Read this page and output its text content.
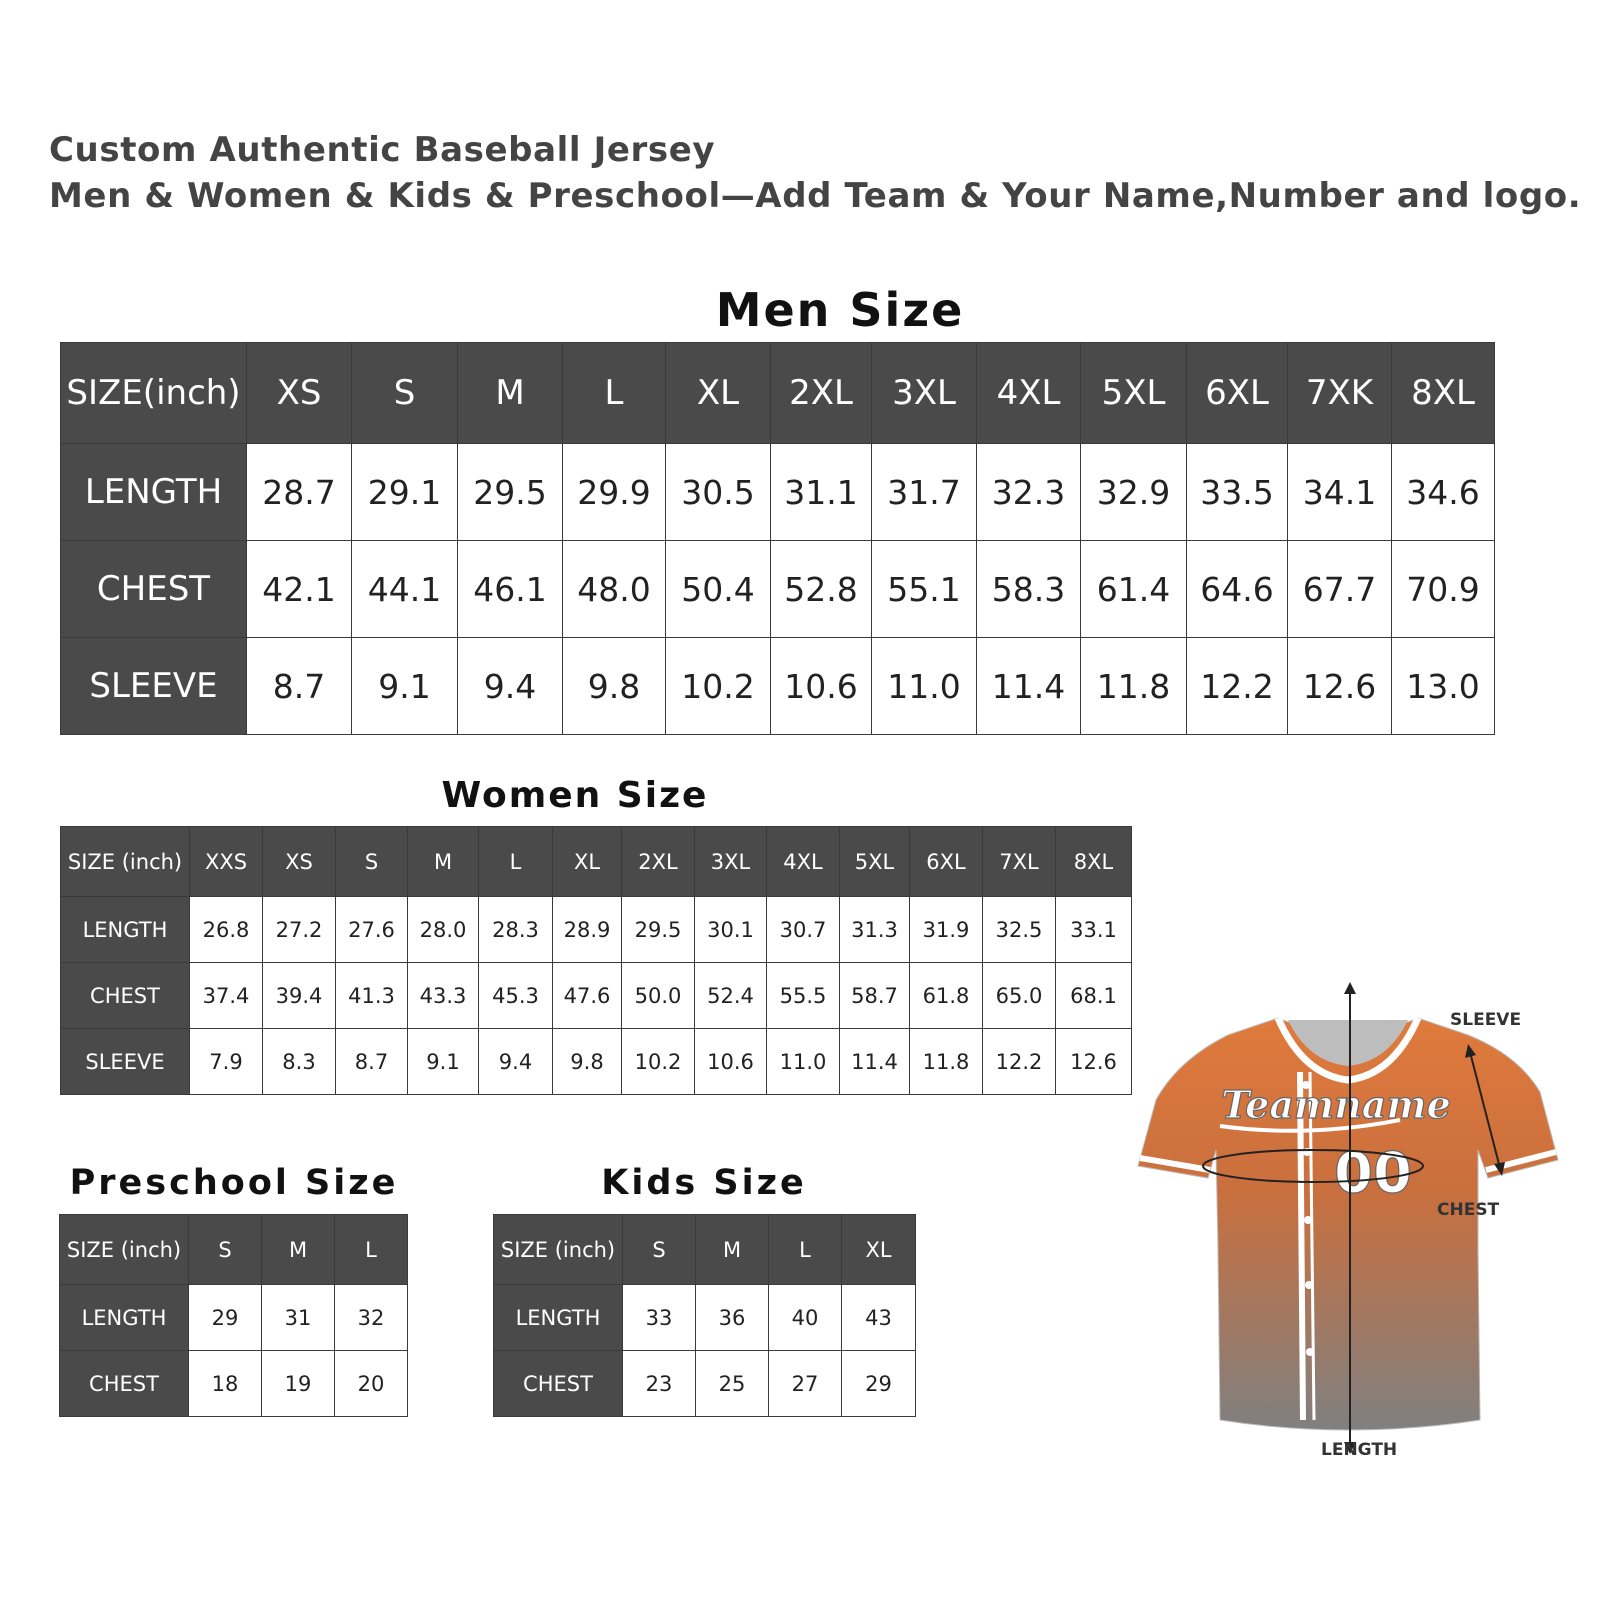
Custom Authentic Baseball Jersey
Men & Women & Kids & Preschool—Add Team & Your Name,Number and logo.
Men Size
SIZE(inch)	XS	S	M	L	XL	2XL	3XL	4XL	5XL	6XL	7XK	8XL
LENGTH	28.7	29.1	29.5	29.9	30.5	31.1	31.7	32.3	32.9	33.5	34.1	34.6
CHEST	42.1	44.1	46.1	48.0	50.4	52.8	55.1	58.3	61.4	64.6	67.7	70.9
SLEEVE	8.7	9.1	9.4	9.8	10.2	10.6	11.0	11.4	11.8	12.2	12.6	13.0
Women Size
SIZE (inch)	XXS	XS	S	M	L	XL	2XL	3XL	4XL	5XL	6XL	7XL	8XL
LENGTH	26.8	27.2	27.6	28.0	28.3	28.9	29.5	30.1	30.7	31.3	31.9	32.5	33.1
CHEST	37.4	39.4	41.3	43.3	45.3	47.6	50.0	52.4	55.5	58.7	61.8	65.0	68.1
SLEEVE	7.9	8.3	8.7	9.1	9.4	9.8	10.2	10.6	11.0	11.4	11.8	12.2	12.6
Preschool Size
SIZE (inch)	S	M	L
LENGTH	29	31	32
CHEST	18	19	20
Kids Size
SIZE (inch)	S	M	L	XL
LENGTH	33	36	40	43
CHEST	23	25	27	29
Teamname
00
SLEEVE
CHEST
LENGTH
